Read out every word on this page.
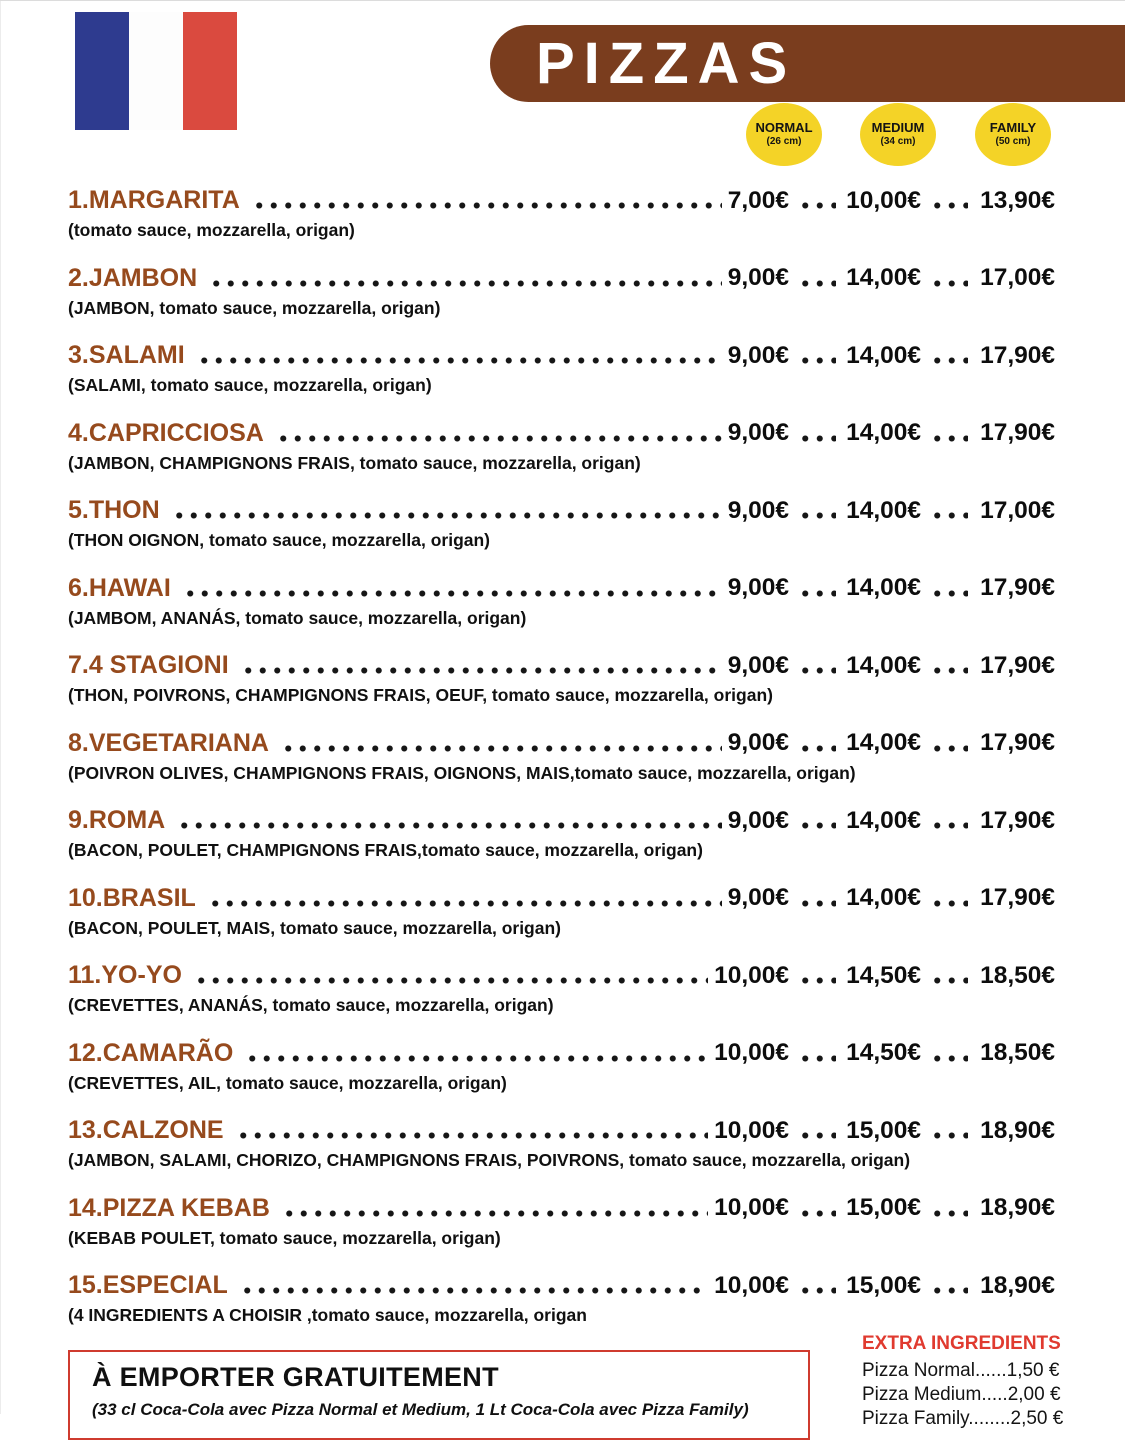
PIZZAS
NORMAL
(26 cm)
MEDIUM
(34 cm)
FAMILY
(50 cm)
1.MARGARITA	7,00€ 10,00€ 13,90€
(tomato sauce, mozzarella, origan)
2.JAMBON	9,00€ 14,00€ 17,00€
(JAMBON, tomato sauce, mozzarella, origan)
3.SALAMI	9,00€ 14,00€ 17,90€
(SALAMI, tomato sauce, mozzarella, origan)
4.CAPRICCIOSA	9,00€ 14,00€ 17,90€
(JAMBON, CHAMPIGNONS FRAIS, tomato sauce, mozzarella, origan)
5.THON	9,00€ 14,00€ 17,00€
(THON OIGNON, tomato sauce, mozzarella, origan)
6.HAWAI	9,00€ 14,00€ 17,90€
(JAMBOM, ANANÁS, tomato sauce, mozzarella, origan)
7.4 STAGIONI	9,00€ 14,00€ 17,90€
(THON, POIVRONS, CHAMPIGNONS FRAIS, OEUF, tomato sauce, mozzarella, origan)
8.VEGETARIANA	9,00€ 14,00€ 17,90€
(POIVRON OLIVES, CHAMPIGNONS FRAIS, OIGNONS, MAIS,tomato sauce, mozzarella, origan)
9.ROMA	9,00€ 14,00€ 17,90€
(BACON, POULET, CHAMPIGNONS FRAIS,tomato sauce, mozzarella, origan)
10.BRASIL	9,00€ 14,00€ 17,90€
(BACON, POULET, MAIS, tomato sauce, mozzarella, origan)
11.YO-YO	10,00€ 14,50€ 18,50€
(CREVETTES, ANANÁS, tomato sauce, mozzarella, origan)
12.CAMARÃO	10,00€ 14,50€ 18,50€
(CREVETTES, AIL, tomato sauce, mozzarella, origan)
13.CALZONE	10,00€ 15,00€ 18,90€
(JAMBON, SALAMI, CHORIZO, CHAMPIGNONS FRAIS, POIVRONS, tomato sauce, mozzarella, origan)
14.PIZZA KEBAB	10,00€ 15,00€ 18,90€
(KEBAB POULET, tomato sauce, mozzarella, origan)
15.ESPECIAL	10,00€ 15,00€ 18,90€
(4 INGREDIENTS A CHOISIR ,tomato sauce, mozzarella, origan
À EMPORTER GRATUITEMENT
(33 cl Coca-Cola avec Pizza Normal et Medium, 1 Lt Coca-Cola avec Pizza Family)
EXTRA INGREDIENTS
Pizza Normal......1,50 €
Pizza Medium.....2,00 €
Pizza Family........2,50 €
